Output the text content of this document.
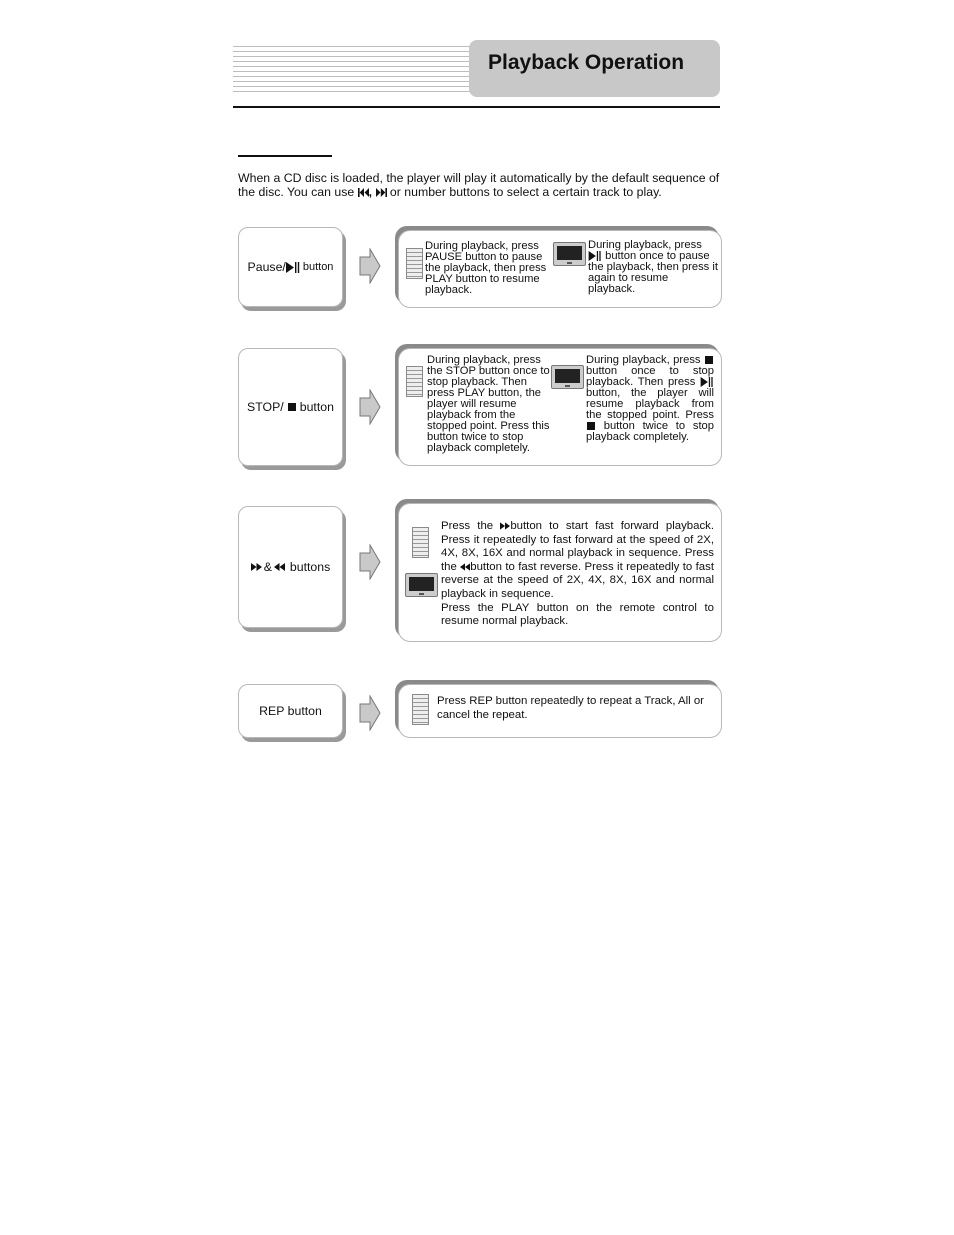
Playback Operation
When a CD disc is loaded, the player will play it automatically by the default sequence of the disc. You can use , or number buttons to select a certain track to play.
Pause/ button
During playback, press PAUSE button to pause the playback, then press PLAY button to resume playback.
During playback, press  button once to pause the playback, then press it again to resume playback.
STOP/ button
During playback, press the STOP button once to stop playback. Then press PLAY button, the player will resume playback from the stopped point. Press this button twice to stop playback completely.
During playback, press  button once to stop playback. Then press  button, the player will resume playback from the stopped point. Press  button twice to stop playback completely.
& buttons
Press the button to start fast forward playback. Press it repeatedly to fast forward at the speed of 2X, 4X, 8X, 16X and normal playback in sequence. Press the button to fast reverse. Press it repeatedly to fast reverse at the speed of 2X, 4X, 8X, 16X and normal playback in sequence.
Press the PLAY button on the remote control to resume normal playback.
REP button
Press REP button repeatedly to repeat a Track, All or cancel the repeat.
